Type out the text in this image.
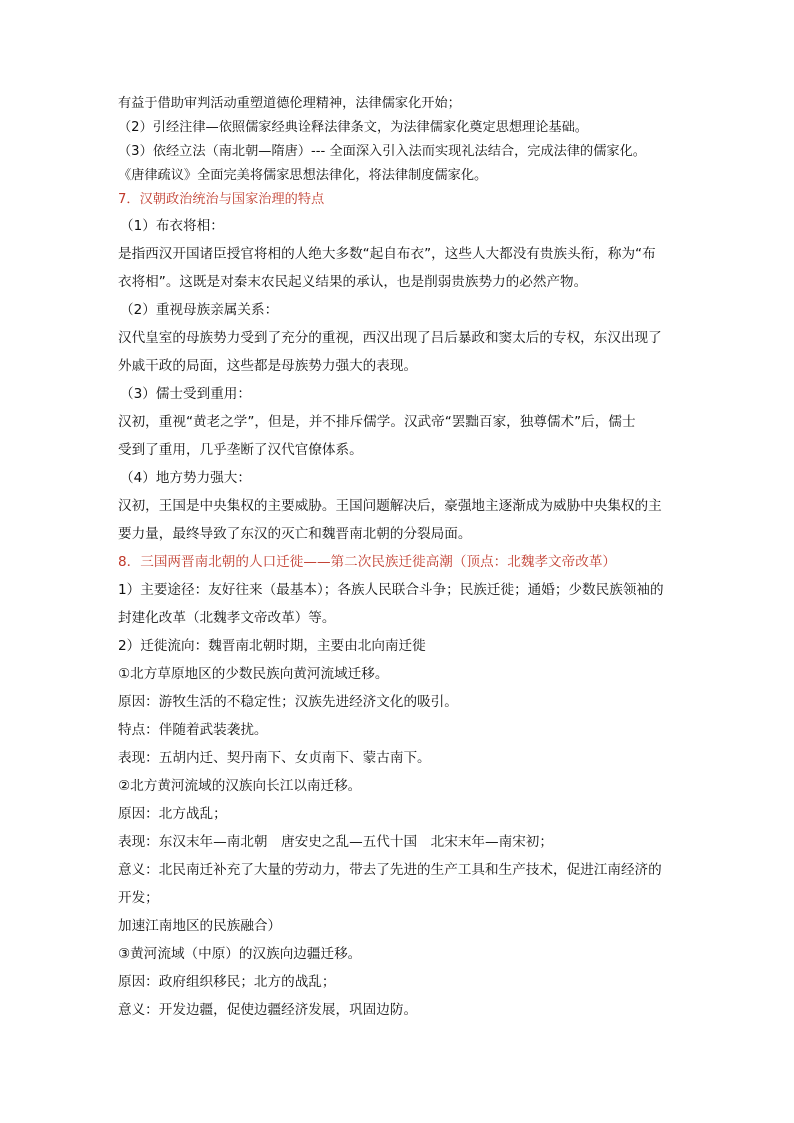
有益于借助审判活动重塑道德伦理精神，法律儒家化开始；
（2）引经注律—依照儒家经典诠释法律条文，为法律儒家化奠定思想理论基础。
（3）依经立法（南北朝—隋唐）--- 全面深入引入法而实现礼法结合，完成法律的儒家化。
《唐律疏议》全面完美将儒家思想法律化，将法律制度儒家化。
7．汉朝政治统治与国家治理的特点
（1）布衣将相：
是指西汉开国诸臣授官将相的人绝大多数“起自布衣”，这些人大都没有贵族头衔，称为“布
衣将相”。这既是对秦末农民起义结果的承认，也是削弱贵族势力的必然产物。
（2）重视母族亲属关系：
汉代皇室的母族势力受到了充分的重视，西汉出现了吕后暴政和窦太后的专权，东汉出现了
外戚干政的局面，这些都是母族势力强大的表现。
（3）儒士受到重用：
汉初，重视“黄老之学”，但是，并不排斥儒学。汉武帝“罢黜百家，独尊儒术”后，儒士
受到了重用，几乎垄断了汉代官僚体系。
（4）地方势力强大：
汉初，王国是中央集权的主要威胁。王国问题解决后，豪强地主逐渐成为威胁中央集权的主
要力量，最终导致了东汉的灭亡和魏晋南北朝的分裂局面。
8．三国两晋南北朝的人口迁徙——第二次民族迁徙高潮（顶点：北魏孝文帝改革）
1）主要途径：友好往来（最基本）；各族人民联合斗争；民族迁徙；通婚；少数民族领袖的
封建化改革（北魏孝文帝改革）等。
2）迁徙流向：魏晋南北朝时期，主要由北向南迁徙
①北方草原地区的少数民族向黄河流域迁移。
原因：游牧生活的不稳定性；汉族先进经济文化的吸引。
特点：伴随着武装袭扰。
表现：五胡内迁、契丹南下、女贞南下、蒙古南下。
②北方黄河流域的汉族向长江以南迁移。
原因：北方战乱；
表现：东汉末年—南北朝　唐安史之乱—五代十国　北宋末年—南宋初；
意义：北民南迁补充了大量的劳动力，带去了先进的生产工具和生产技术，促进江南经济的
开发；
加速江南地区的民族融合）
③黄河流域（中原）的汉族向边疆迁移。
原因：政府组织移民；北方的战乱；
意义：开发边疆，促使边疆经济发展，巩固边防。
